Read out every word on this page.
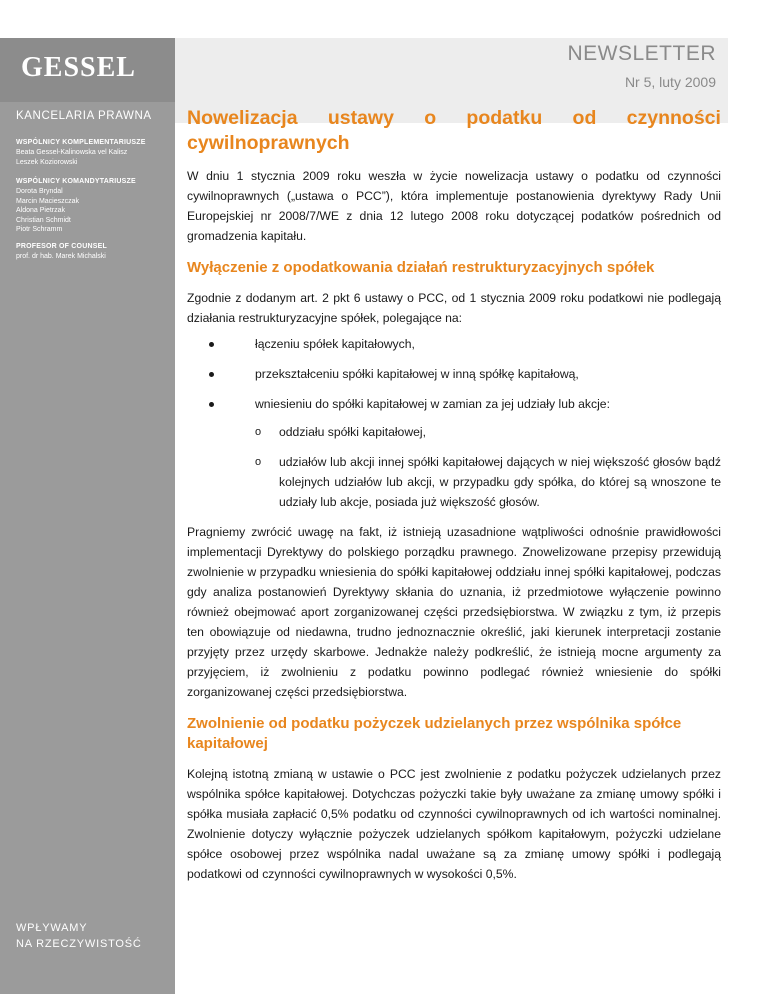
GESSEL	NEWSLETTER
Nr 5, luty 2009
KANCELARIA PRAWNA
WSPÓLNICY KOMPLEMENTARIUSZE
Beata Gessel-Kalinowska vel Kalisz
Leszek Koziorowski
WSPÓLNICY KOMANDYTARIUSZE
Dorota Bryndal
Marcin Macieszczak
Aldona Pietrzak
Christian Schmidt
Piotr Schramm
PROFESOR OF COUNSEL
prof. dr hab. Marek Michalski
WPŁYWAMY
NA RZECZYWISTOŚĆ
Nowelizacja ustawy o podatku od czynności
cywilnoprawnych

W dniu 1 stycznia 2009 roku weszła w życie nowelizacja ustawy o podatku od czynności cywilnoprawnych („ustawa o PCC”), która implementuje postanowienia dyrektywy Rady Unii Europejskiej nr 2008/7/WE z dnia 12 lutego 2008 roku dotyczącej podatków pośrednich od gromadzenia kapitału.

Wyłączenie z opodatkowania działań restrukturyzacyjnych spółek

Zgodnie z dodanym art. 2 pkt 6 ustawy o PCC, od 1 stycznia 2009 roku podatkowi nie podlegają działania restrukturyzacyjne spółek, polegające na:

łączeniu spółek kapitałowych,
przekształceniu spółki kapitałowej w inną spółkę kapitałową,
wniesieniu do spółki kapitałowej w zamian za jej udziały lub akcje:
o oddziału spółki kapitałowej,
o udziałów lub akcji innej spółki kapitałowej dających w niej większość głosów bądź kolejnych udziałów lub akcji, w przypadku gdy spółka, do której są wnoszone te udziały lub akcje, posiada już większość głosów.

Pragniemy zwrócić uwagę na fakt, iż istnieją uzasadnione wątpliwości odnośnie prawidłowości implementacji Dyrektywy do polskiego porządku prawnego. Znowelizowane przepisy przewidują zwolnienie w przypadku wniesienia do spółki kapitałowej oddziału innej spółki kapitałowej, podczas gdy analiza postanowień Dyrektywy skłania do uznania, iż przedmiotowe wyłączenie powinno również obejmować aport zorganizowanej części przedsiębiorstwa. W związku z tym, iż przepis ten obowiązuje od niedawna, trudno jednoznacznie określić, jaki kierunek interpretacji zostanie przyjęty przez urzędy skarbowe. Jednakże należy podkreślić, że istnieją mocne argumenty za przyjęciem, iż zwolnieniu z podatku powinno podlegać również wniesienie do spółki zorganizowanej części przedsiębiorstwa.

Zwolnienie od podatku pożyczek udzielanych przez wspólnika spółce kapitałowej

Kolejną istotną zmianą w ustawie o PCC jest zwolnienie z podatku pożyczek udzielanych przez wspólnika spółce kapitałowej. Dotychczas pożyczki takie były uważane za zmianę umowy spółki i spółka musiała zapłacić 0,5% podatku od czynności cywilnoprawnych od ich wartości nominalnej. Zwolnienie dotyczy wyłącznie pożyczek udzielanych spółkom kapitałowym, pożyczki udzielane spółce osobowej przez wspólnika nadal uważane są za zmianę umowy spółki i podlegają podatkowi od czynności cywilnoprawnych w wysokości 0,5%.
